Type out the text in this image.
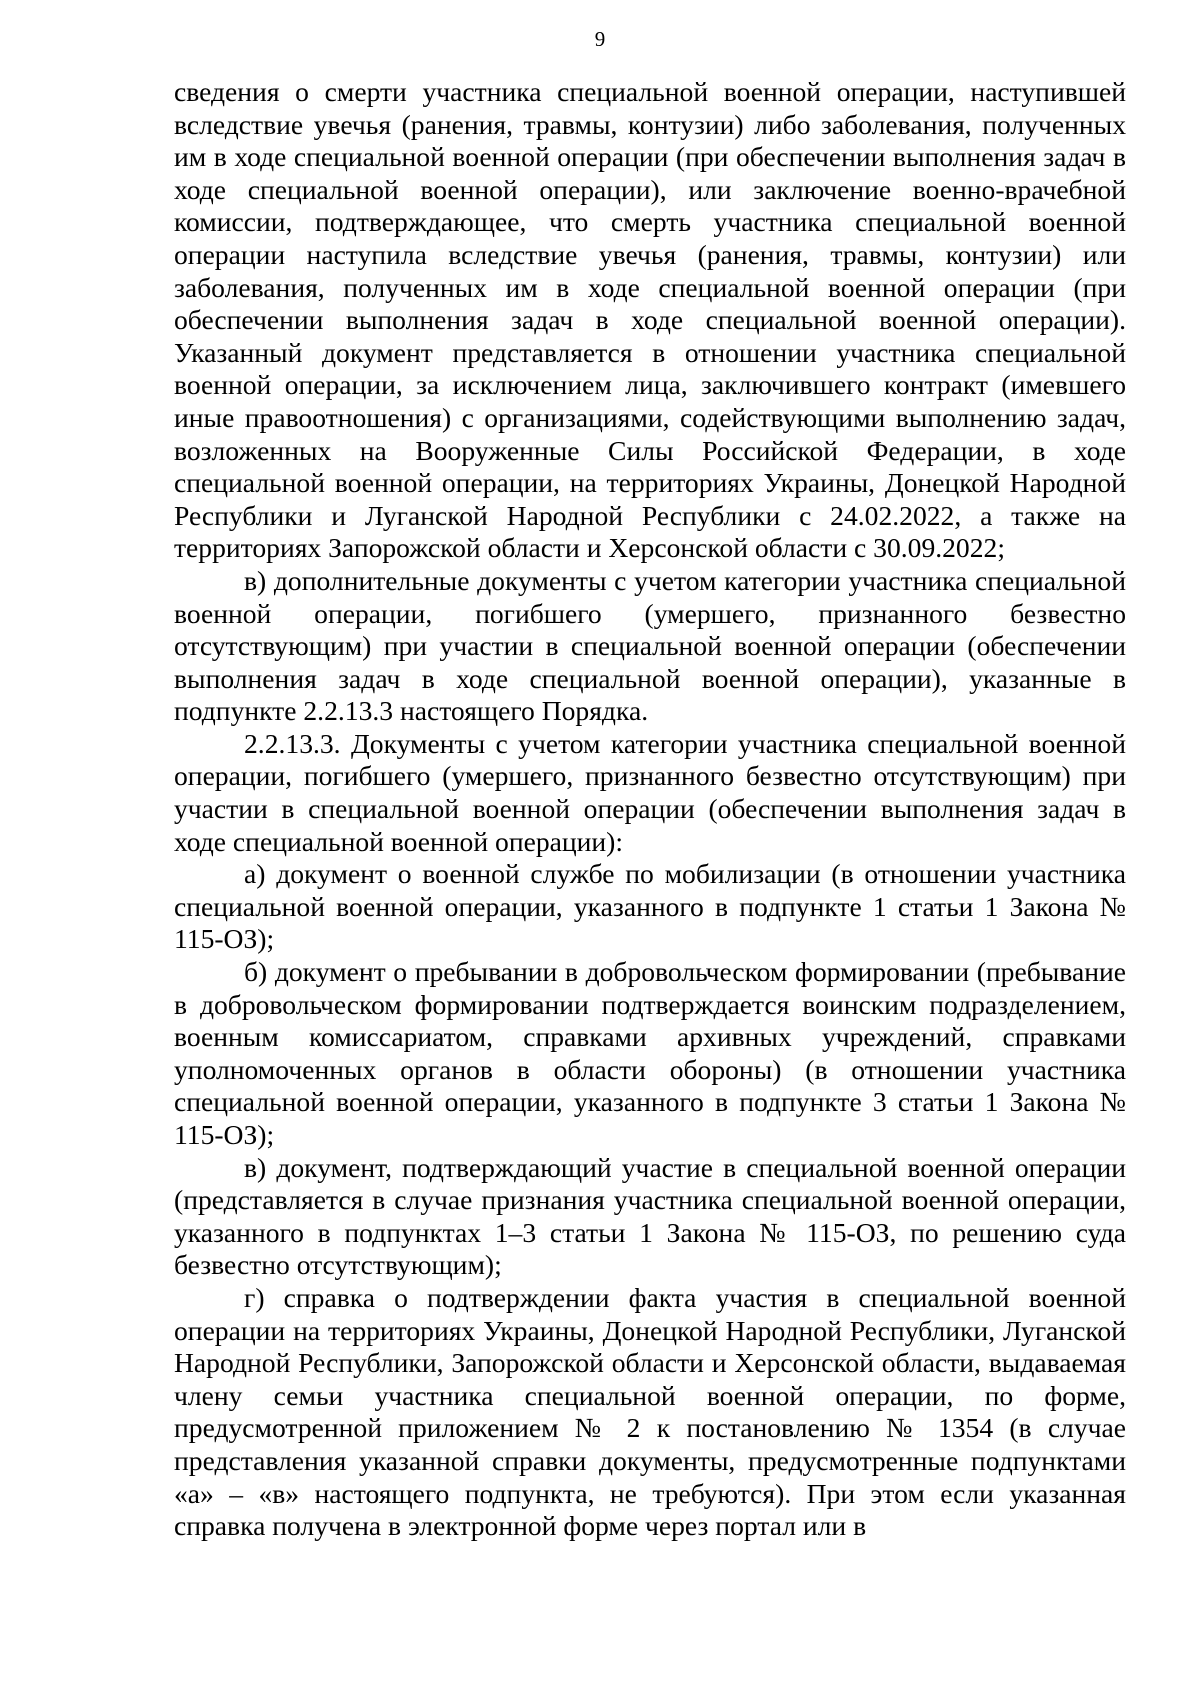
9

сведения о смерти участника специальной военной операции, наступившей вследствие увечья (ранения, травмы, контузии) либо заболевания, полученных им в ходе специальной военной операции (при обеспечении выполнения задач в ходе специальной военной операции), или заключение военно-врачебной комиссии, подтверждающее, что смерть участника специальной военной операции наступила вследствие увечья (ранения, травмы, контузии) или заболевания, полученных им в ходе специальной военной операции (при обеспечении выполнения задач в ходе специальной военной операции). Указанный документ представляется в отношении участника специальной военной операции, за исключением лица, заключившего контракт (имевшего иные правоотношения) с организациями, содействующими выполнению задач, возложенных на Вооруженные Силы Российской Федерации, в ходе специальной военной операции, на территориях Украины, Донецкой Народной Республики и Луганской Народной Республики с 24.02.2022, а также на территориях Запорожской области и Херсонской области с 30.09.2022;

в) дополнительные документы с учетом категории участника специальной военной операции, погибшего (умершего, признанного безвестно отсутствующим) при участии в специальной военной операции (обеспечении выполнения задач в ходе специальной военной операции), указанные в подпункте 2.2.13.3 настоящего Порядка.

2.2.13.3. Документы с учетом категории участника специальной военной операции, погибшего (умершего, признанного безвестно отсутствующим) при участии в специальной военной операции (обеспечении выполнения задач в ходе специальной военной операции):

а) документ о военной службе по мобилизации (в отношении участника специальной военной операции, указанного в подпункте 1 статьи 1 Закона № 115-ОЗ);

б) документ о пребывании в добровольческом формировании (пребывание в добровольческом формировании подтверждается воинским подразделением, военным комиссариатом, справками архивных учреждений, справками уполномоченных органов в области обороны) (в отношении участника специальной военной операции, указанного в подпункте 3 статьи 1 Закона № 115-ОЗ);

в) документ, подтверждающий участие в специальной военной операции (представляется в случае признания участника специальной военной операции, указанного в подпунктах 1–3 статьи 1 Закона № 115-ОЗ, по решению суда безвестно отсутствующим);

г) справка о подтверждении факта участия в специальной военной операции на территориях Украины, Донецкой Народной Республики, Луганской Народной Республики, Запорожской области и Херсонской области, выдаваемая члену семьи участника специальной военной операции, по форме, предусмотренной приложением № 2 к постановлению № 1354 (в случае представления указанной справки документы, предусмотренные подпунктами «а» – «в» настоящего подпункта, не требуются). При этом если указанная справка получена в электронной форме через портал или в
